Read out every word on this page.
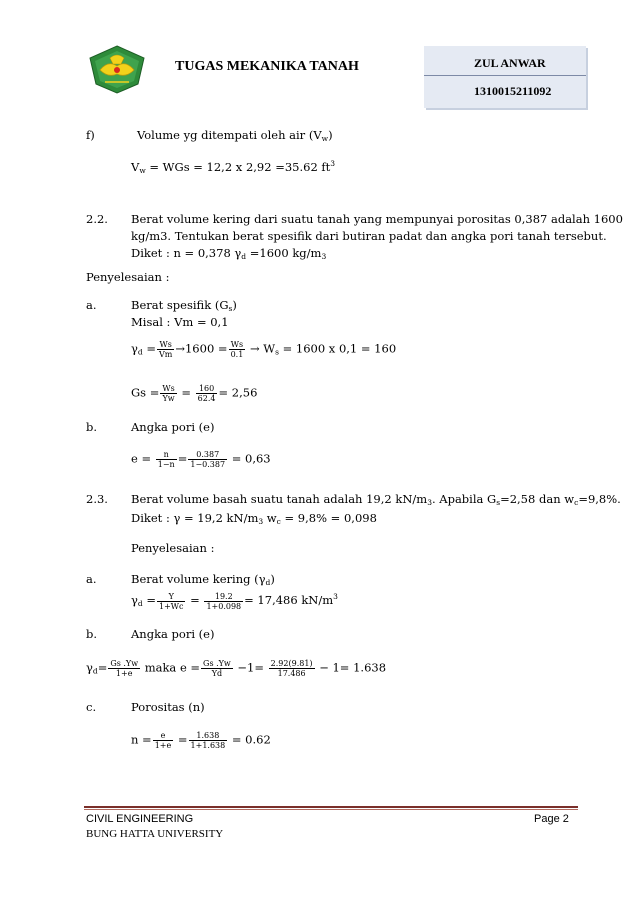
TUGAS MEKANIKA TANAH	ZUL ANWAR
1310015211092
f)	Volume yg ditempati oleh air $(V_w)$
$V_w$ = WGs = 12,2 x 2,92 =35.62 $ft^3$
2.2. Berat volume kering dari suatu tanah yang mempunyai porositas 0,387 adalah 1600
kg/m3. Tentukan berat spesifik dari butiran padat dan angka pori tanah tersebut.
Diket : n = 0,378 $\gamma_d =1600$ $kg/m_3$
Penyelesaian :
a.	Berat spesifik $(G_s)$
Misal : Vm = 0,1
$\gamma_d = \frac{Ws}{Vm} \to 1600 = \frac{Ws}{0.1} \to W_s = 1600$ x 0,1 = 160
$Gs = \frac{Ws}{Yw} = \frac{160}{62.4} = 2,56$
b.	Angka pori (e)
$e = \frac{n}{1-n} = \frac{0.387}{1-0.387} = 0,63$
2.3. Berat volume basah suatu tanah adalah 19,2 $kN/m_3$. Apabila $G_s=2,58$ dan $w_c=9,8\%$.
Diket : γ = 19,2 $kN/m_3$ $w_c = 9,8\% = 0,098$
Penyelesaian :
a.	Berat volume kering $(\gamma_d)$
$\gamma_d = \frac{Y}{1+Wc} = \frac{19.2}{1+0.098} = 17,486$ $kN/m^3$
b.	Angka pori (e)
$\gamma_d= \frac{Gs .Yw}{1+e}$ maka $e = \frac{Gs .Yw}{Yd} -1= \frac{2.92(9.81)}{17.486} - 1= 1.638$
c.	Porositas (n)
$n = \frac{e}{1+e} = \frac{1.638}{1+1.638} = 0.62$
CIVIL ENGINEERING
BUNG HATTA UNIVERSITY
Page 2
